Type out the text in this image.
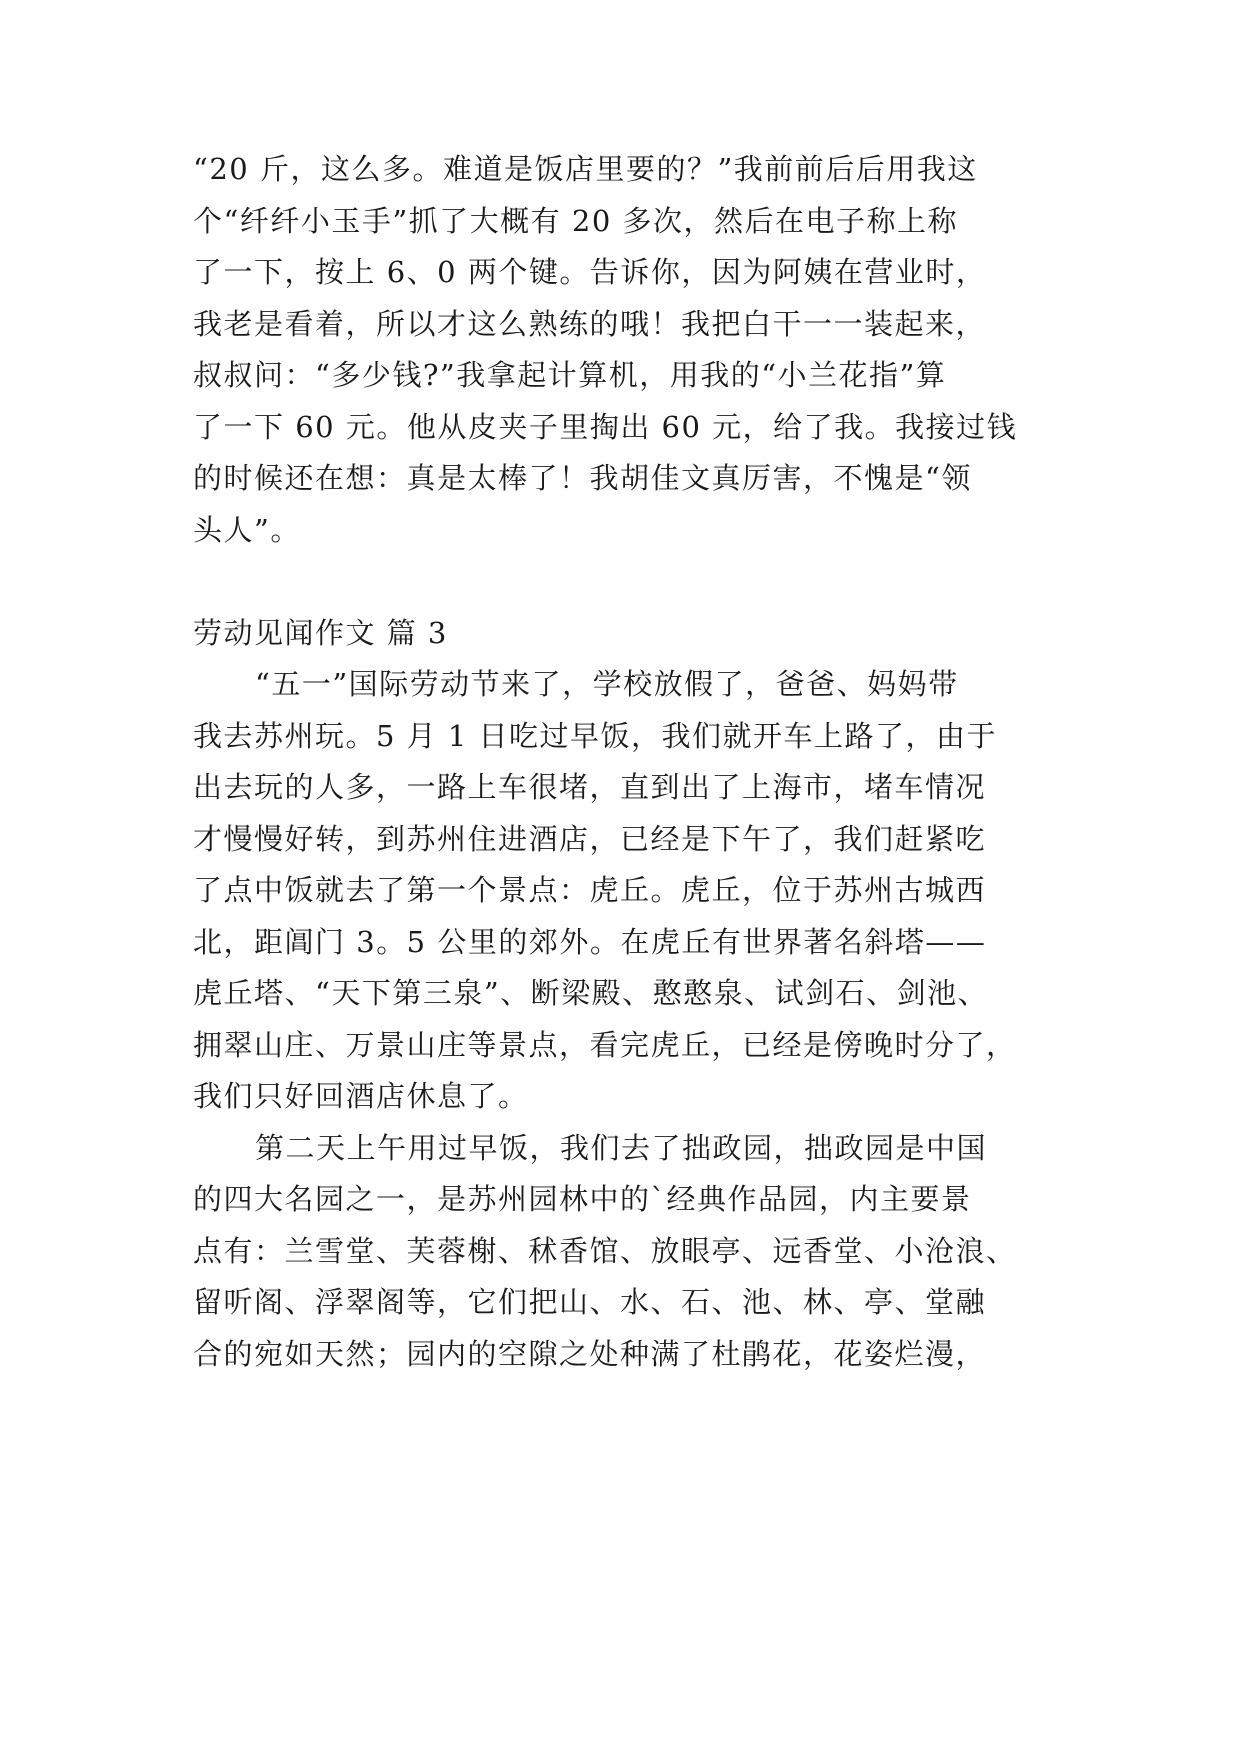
“20 斤，这么多。难道是饭店里要的？”我前前后后用我这

个“纤纤小玉手”抓了大概有 20 多次，然后在电子称上称

了一下，按上 6、0 两个键。告诉你，因为阿姨在营业时，

我老是看着，所以才这么熟练的哦！我把白干一一装起来，

叔叔问：“多少钱?”我拿起计算机，用我的“小兰花指”算

了一下 60 元。他从皮夹子里掏出 60 元，给了我。我接过钱

的时候还在想：真是太棒了！我胡佳文真厉害，不愧是“领

头人”。

劳动见闻作文 篇 3

“五一”国际劳动节来了，学校放假了，爸爸、妈妈带

我去苏州玩。5 月 1 日吃过早饭，我们就开车上路了，由于

出去玩的人多，一路上车很堵，直到出了上海市，堵车情况

才慢慢好转，到苏州住进酒店，已经是下午了，我们赶紧吃

了点中饭就去了第一个景点：虎丘。虎丘，位于苏州古城西

北，距阊门 3。5 公里的郊外。在虎丘有世界著名斜塔——

虎丘塔、“天下第三泉”、断梁殿、憨憨泉、试剑石、剑池、

拥翠山庄、万景山庄等景点，看完虎丘，已经是傍晚时分了，

我们只好回酒店休息了。

第二天上午用过早饭，我们去了拙政园，拙政园是中国

的四大名园之一，是苏州园林中的`经典作品园，内主要景

点有：兰雪堂、芙蓉榭、秫香馆、放眼亭、远香堂、小沧浪、

留听阁、浮翠阁等，它们把山、水、石、池、林、亭、堂融

合的宛如天然；园内的空隙之处种满了杜鹃花，花姿烂漫，
